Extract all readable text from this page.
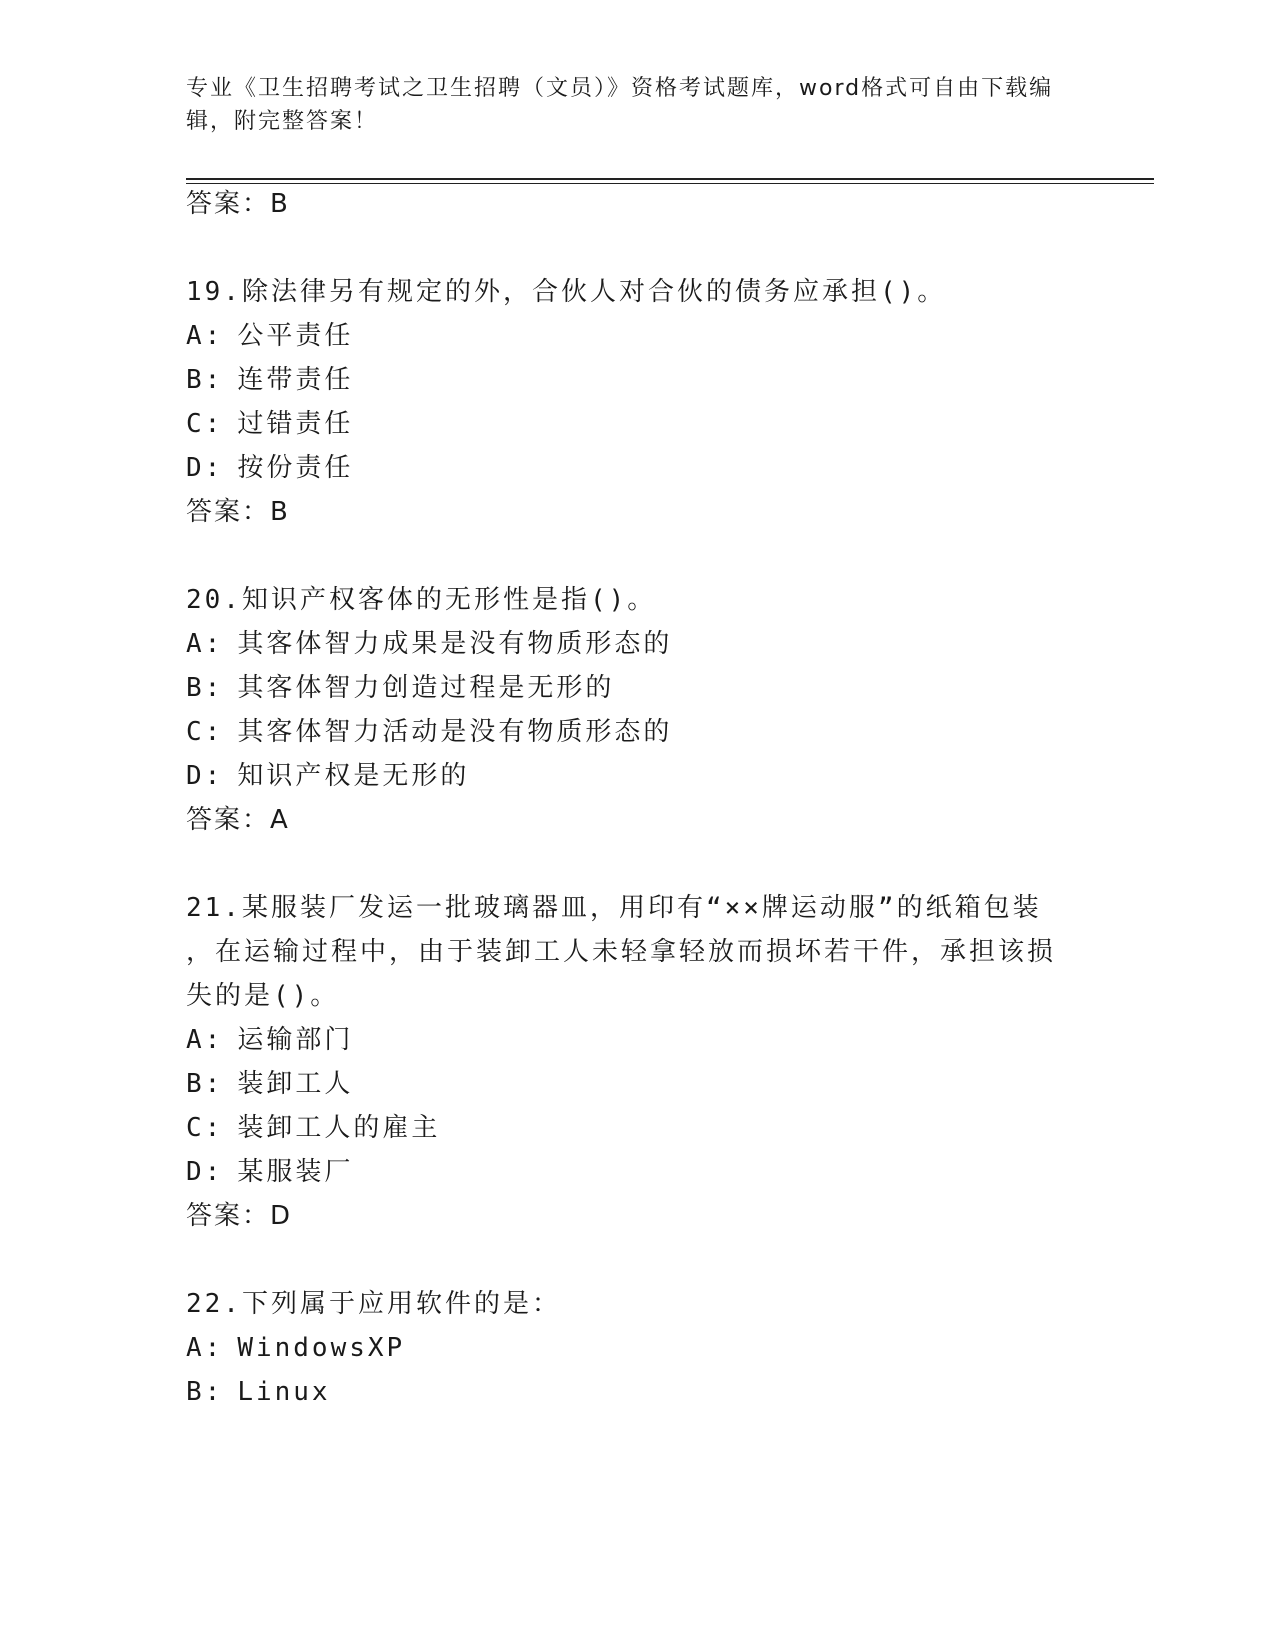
专业《卫生招聘考试之卫生招聘（文员）》资格考试题库，word格式可自由下载编辑，附完整答案！
答案：B
19.除法律另有规定的外，合伙人对合伙的债务应承担()。
A: 公平责任
B: 连带责任
C: 过错责任
D: 按份责任
答案：B
20.知识产权客体的无形性是指()。
A: 其客体智力成果是没有物质形态的
B: 其客体智力创造过程是无形的
C: 其客体智力活动是没有物质形态的
D: 知识产权是无形的
答案：A
21.某服装厂发运一批玻璃器皿，用印有“××牌运动服”的纸箱包装
，在运输过程中，由于装卸工人未轻拿轻放而损坏若干件，承担该损
失的是()。
A: 运输部门
B: 装卸工人
C: 装卸工人的雇主
D: 某服装厂
答案：D
22.下列属于应用软件的是：
A: WindowsXP
B: Linux
